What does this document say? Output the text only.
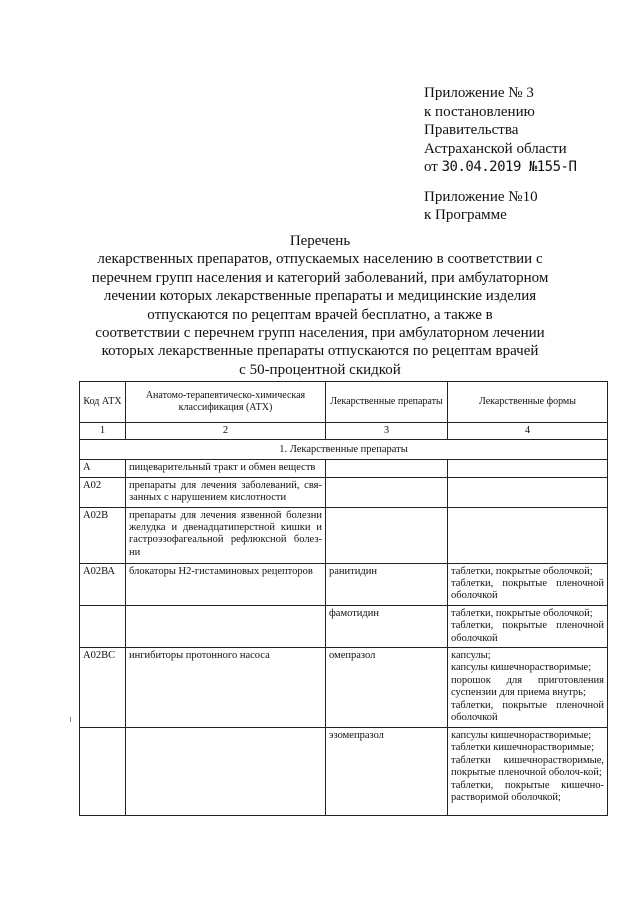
Приложение № 3
к постановлению
Правительства
Астраханской области
от 30.04.2019 №155-П
Приложение №10
к Программе
Перечень
лекарственных препаратов, отпускаемых населению в соответствии с
перечнем групп населения и категорий заболеваний, при амбулаторном
лечении которых лекарственные препараты и медицинские изделия
отпускаются по рецептам врачей бесплатно, а также в
соответствии с перечнем групп населения, при амбулаторном лечении
которых лекарственные препараты отпускаются по рецептам врачей
с 50-процентной скидкой
Код АТХ	Анатомо-терапевтическо-химическая классификация (АТХ)	Лекарственные препараты	Лекарственные формы
1	2	3	4
1. Лекарственные препараты			
А	пищеварительный тракт и обмен веществ		
А02	препараты для лечения заболеваний, свя-занных с нарушением кислотности		
А02В	препараты для лечения язвенной болезни желудка и двенадцатиперстной кишки и гастроэзофагеальной рефлюксной болез-ни		
А02ВА	блокаторы Н2-гистаминовых рецепторов	ранитидин	таблетки, покрытые оболочкой;
таблетки, покрытые пленочной оболочкой

		фамотидин	таблетки, покрытые оболочкой;
таблетки, покрытые пленочной оболочкой

А02ВС	ингибиторы протонного насоса	омепразол	капсулы;
капсулы кишечнорастворимые;
порошок для приготовления суспензии для приема внутрь;
таблетки, покрытые пленочной оболочкой

		эзомепразол	капсулы кишечнорастворимые;
таблетки кишечнорастворимые;
таблетки кишечнорастворимые, покрытые пленочной оболоч-кой;
таблетки, покрытые кишечно-растворимой оболочкой;
